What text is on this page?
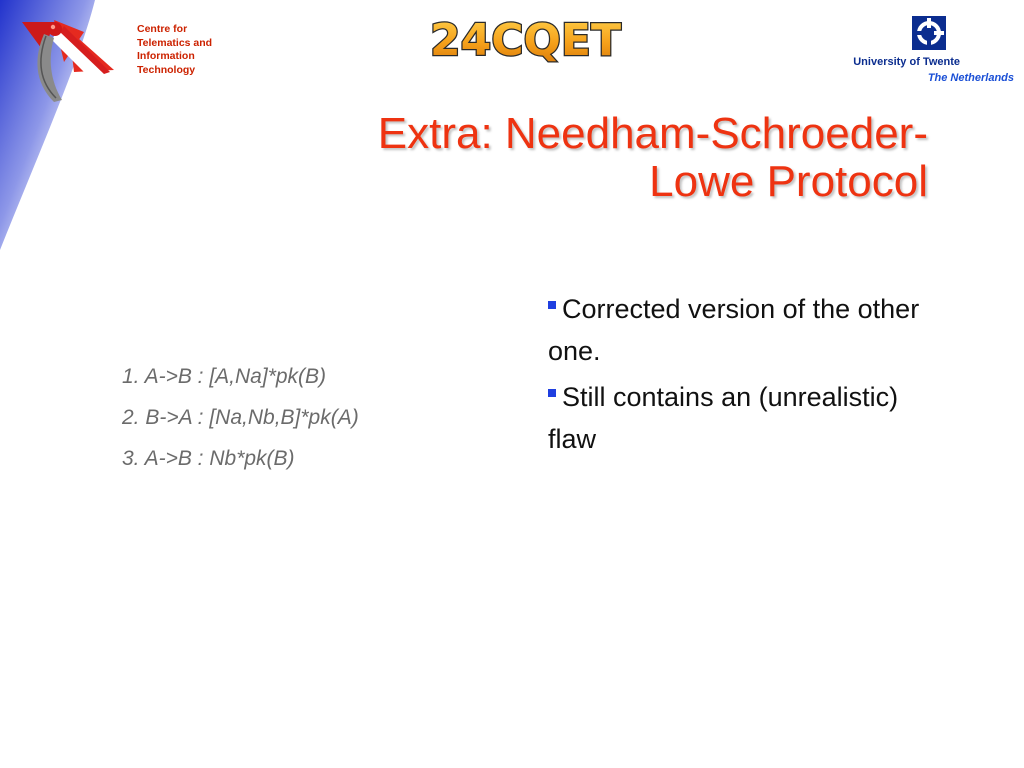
Centre for
Telematics and
Information
Technology
24CQET	University of Twente
The Netherlands
Extra: Needham-Schroeder-
Lowe Protocol
1. A->B : [A,Na]*pk(B)
2. B->A : [Na,Nb,B]*pk(A)
3. A->B : Nb*pk(B)
Corrected version of the other one.
Still contains an (unrealistic) flaw
